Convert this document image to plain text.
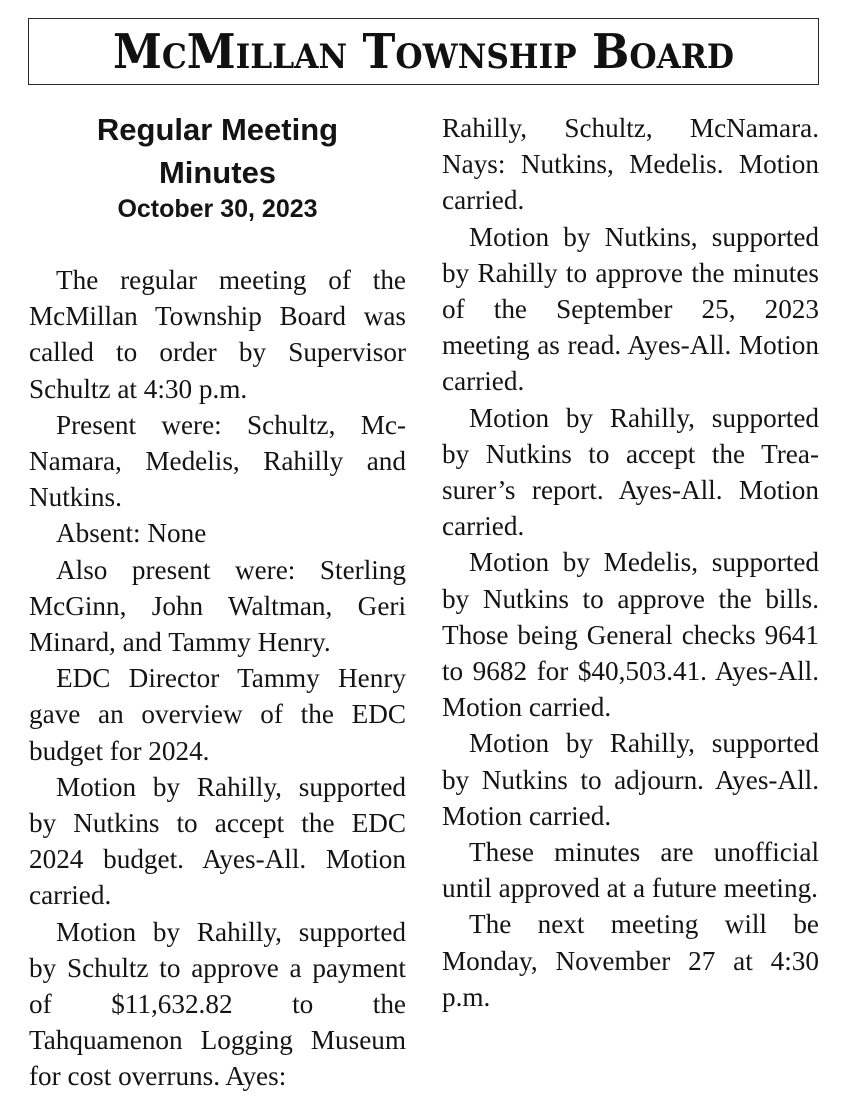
McMillan Township Board
Regular Meeting
Minutes
October 30, 2023

The regular meeting of the McMillan Township Board was called to order by Supervisor Schultz at 4:30 p.m.

Present were: Schultz, McNamara, Medelis, Rahilly and Nutkins.

Absent: None

Also present were: Sterling McGinn, John Waltman, Geri Minard, and Tammy Henry.

EDC Director Tammy Henry gave an overview of the EDC budget for 2024.

Motion by Rahilly, supported by Nutkins to accept the EDC 2024 budget. Ayes-All. Motion carried.

Motion by Rahilly, supported by Schultz to approve a payment of $11,632.82 to the Tahquamenon Logging Museum for cost overruns. Ayes:

Rahilly, Schultz, McNamara. Nays: Nutkins, Medelis. Motion carried.

Motion by Nutkins, supported by Rahilly to approve the minutes of the September 25, 2023 meeting as read. Ayes-All. Motion carried.

Motion by Rahilly, supported by Nutkins to accept the Treasurer’s report. Ayes-All. Motion carried.

Motion by Medelis, supported by Nutkins to approve the bills. Those being General checks 9641 to 9682 for $40,503.41. Ayes-All. Motion carried.

Motion by Rahilly, supported by Nutkins to adjourn. Ayes-All. Motion carried.

These minutes are unofficial until approved at a future meeting.

The next meeting will be Monday, November 27 at 4:30 p.m.
